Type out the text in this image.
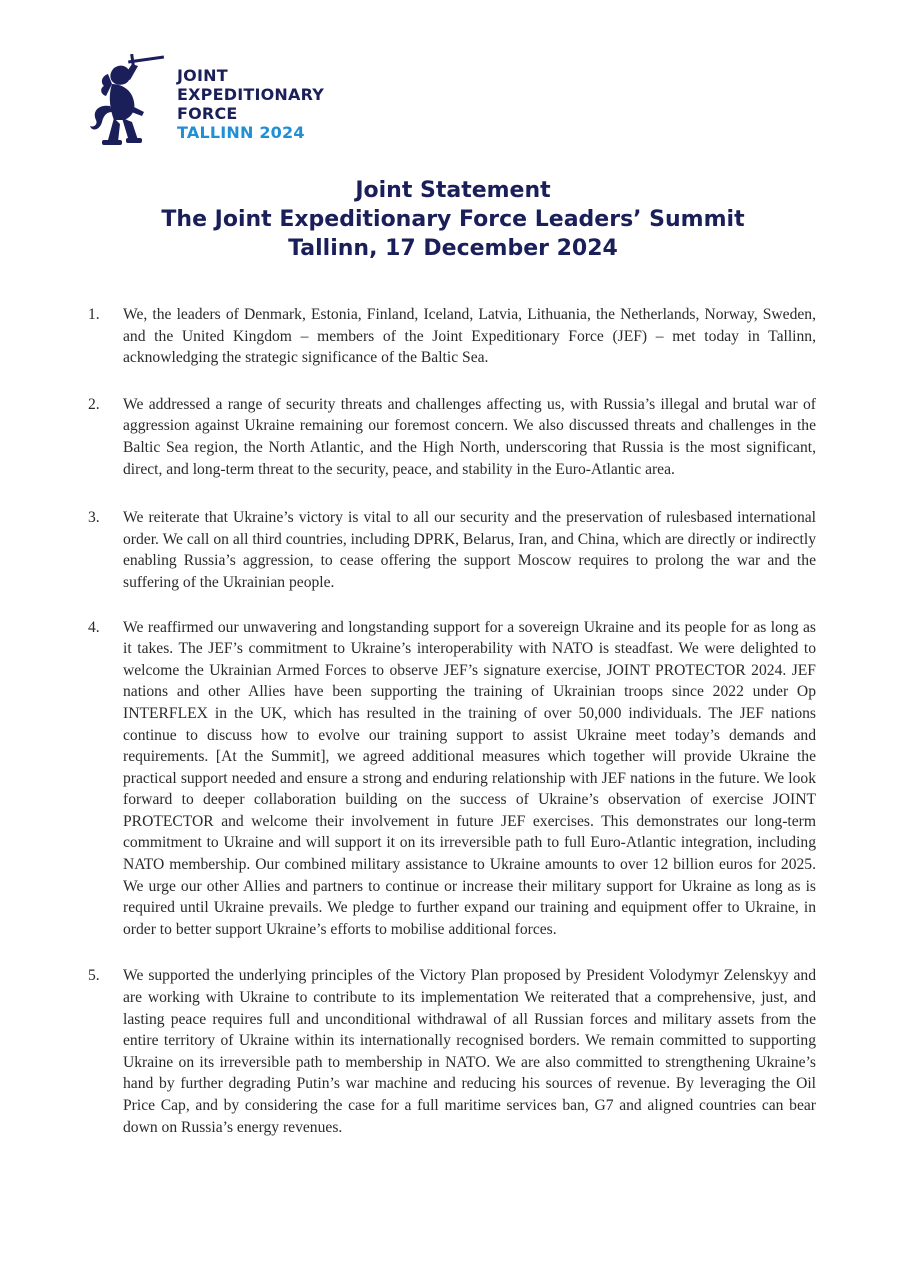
JOINT
EXPEDITIONARY
FORCE
TALLINN 2024
Joint Statement
The Joint Expeditionary Force Leaders’ Summit
Tallinn, 17 December 2024
1.	We, the leaders of Denmark, Estonia, Finland, Iceland, Latvia, Lithuania, the Netherlands, Norway, Sweden, and the United Kingdom – members of the Joint Expeditionary Force (JEF) – met today in Tallinn, acknowledging the strategic significance of the Baltic Sea.
2.	We addressed a range of security threats and challenges affecting us, with Russia’s illegal and brutal war of aggression against Ukraine remaining our foremost concern. We also discussed threats and challenges in the Baltic Sea region, the North Atlantic, and the High North, underscoring that Russia is the most significant, direct, and long-term threat to the security, peace, and stability in the Euro-Atlantic area.
3.	We reiterate that Ukraine’s victory is vital to all our security and the preservation of rulesbased international order. We call on all third countries, including DPRK, Belarus, Iran, and China, which are directly or indirectly enabling Russia’s aggression, to cease offering the support Moscow requires to prolong the war and the suffering of the Ukrainian people.
4.	We reaffirmed our unwavering and longstanding support for a sovereign Ukraine and its people for as long as it takes. The JEF’s commitment to Ukraine’s interoperability with NATO is steadfast. We were delighted to welcome the Ukrainian Armed Forces to observe JEF’s signature exercise, JOINT PROTECTOR 2024. JEF nations and other Allies have been supporting the training of Ukrainian troops since 2022 under Op INTERFLEX in the UK, which has resulted in the training of over 50,000 individuals. The JEF nations continue to discuss how to evolve our training support to assist Ukraine meet today’s demands and requirements. [At the Summit], we agreed additional measures which together will provide Ukraine the practical support needed and ensure a strong and enduring relationship with JEF nations in the future. We look forward to deeper collaboration building on the success of Ukraine’s observation of exercise JOINT PROTECTOR and welcome their involvement in future JEF exercises. This demonstrates our long-term commitment to Ukraine and will support it on its irreversible path to full Euro-Atlantic integration, including NATO membership. Our combined military assistance to Ukraine amounts to over 12 billion euros for 2025. We urge our other Allies and partners to continue or increase their military support for Ukraine as long as is required until Ukraine prevails. We pledge to further expand our training and equipment offer to Ukraine, in order to better support Ukraine’s efforts to mobilise additional forces.
5.	We supported the underlying principles of the Victory Plan proposed by President Volodymyr Zelenskyy and are working with Ukraine to contribute to its implementation We reiterated that a comprehensive, just, and lasting peace requires full and unconditional withdrawal of all Russian forces and military assets from the entire territory of Ukraine within its internationally recognised borders. We remain committed to supporting Ukraine on its irreversible path to membership in NATO. We are also committed to strengthening Ukraine’s hand by further degrading Putin’s war machine and reducing his sources of revenue. By leveraging the Oil Price Cap, and by considering the case for a full maritime services ban, G7 and aligned countries can bear down on Russia’s energy revenues.
